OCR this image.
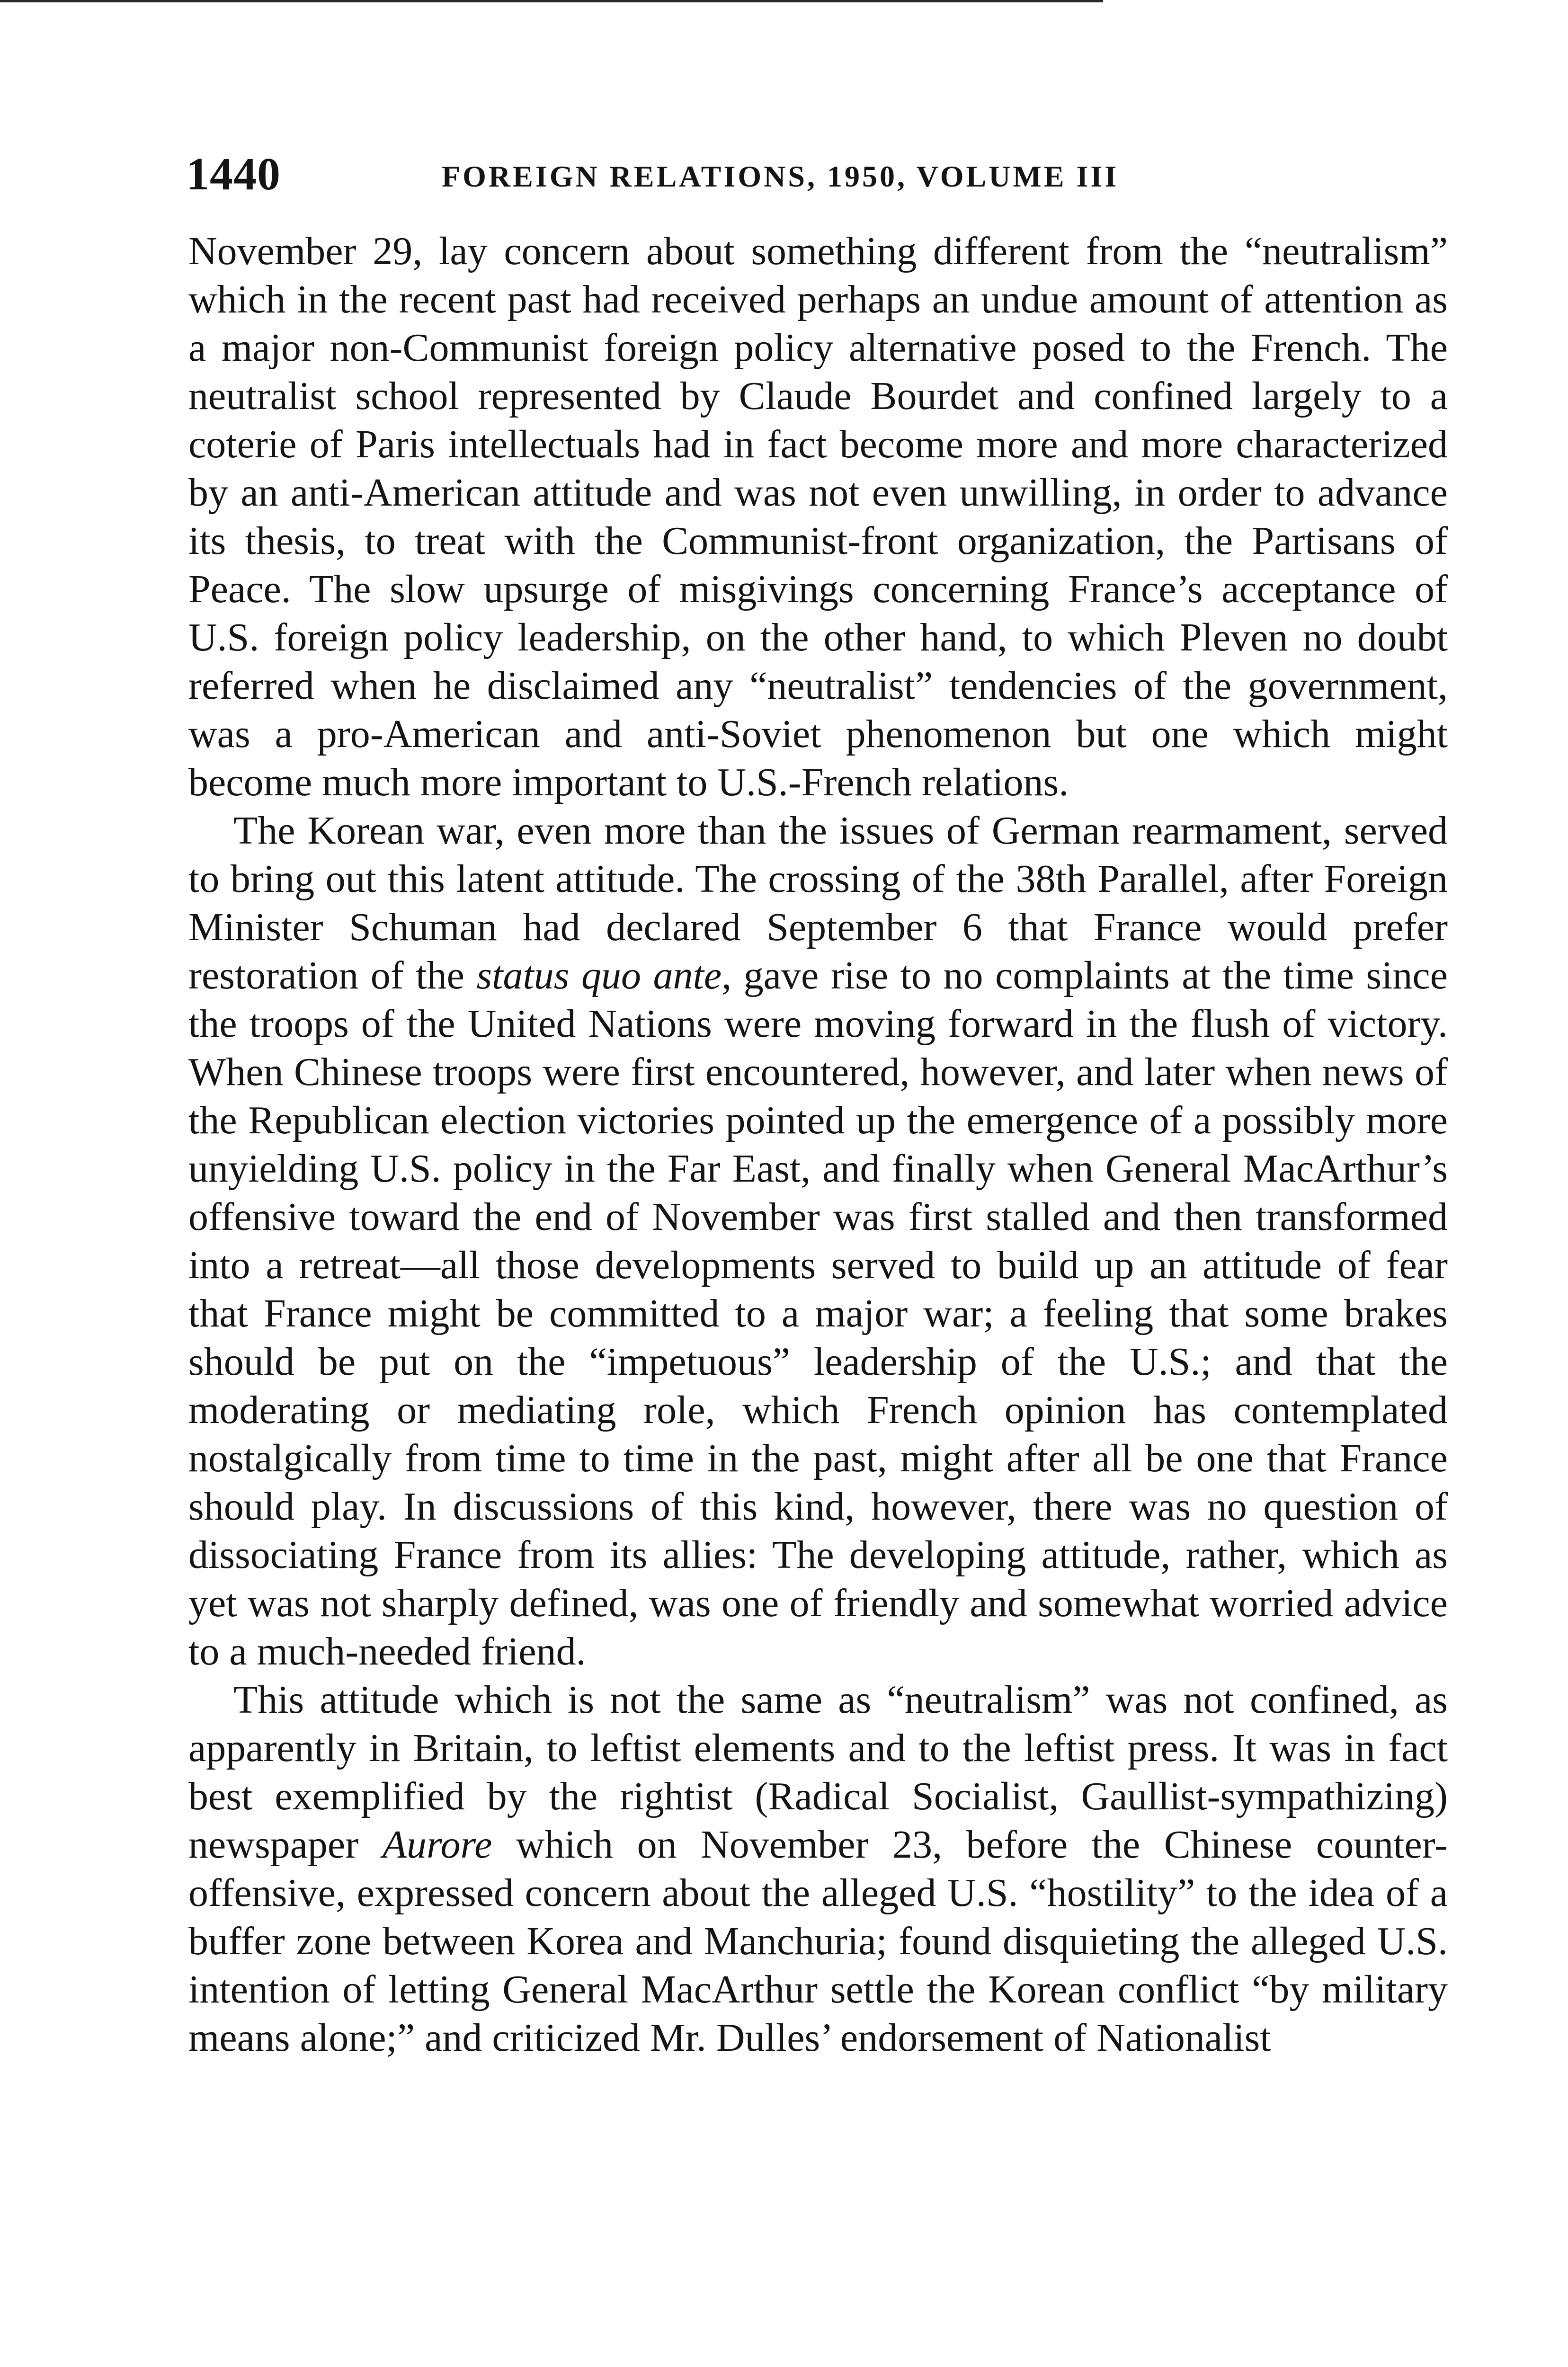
1440	FOREIGN RELATIONS, 1950, VOLUME III

November 29, lay concern about something different from the “neutralism” which in the recent past had received perhaps an undue amount of attention as a major non-Communist foreign policy alternative posed to the French. The neutralist school represented by Claude Bourdet and confined largely to a coterie of Paris intellectuals had in fact become more and more characterized by an anti-American attitude and was not even unwilling, in order to advance its thesis, to treat with the Communist-front organization, the Partisans of Peace. The slow upsurge of misgivings concerning France’s acceptance of U.S. foreign policy leadership, on the other hand, to which Pleven no doubt referred when he disclaimed any “neutralist” tendencies of the government, was a pro-American and anti-Soviet phenomenon but one which might become much more important to U.S.-French relations.

The Korean war, even more than the issues of German rearmament, served to bring out this latent attitude. The crossing of the 38th Parallel, after Foreign Minister Schuman had declared September 6 that France would prefer restoration of the status quo ante, gave rise to no complaints at the time since the troops of the United Nations were moving forward in the flush of victory. When Chinese troops were first encountered, however, and later when news of the Republican election victories pointed up the emergence of a possibly more unyielding U.S. policy in the Far East, and finally when General MacArthur’s offensive toward the end of November was first stalled and then transformed into a retreat—all those developments served to build up an attitude of fear that France might be committed to a major war; a feeling that some brakes should be put on the “impetuous” leadership of the U.S.; and that the moderating or mediating role, which French opinion has contemplated nostalgically from time to time in the past, might after all be one that France should play. In discussions of this kind, however, there was no question of dissociating France from its allies: The developing attitude, rather, which as yet was not sharply defined, was one of friendly and somewhat worried advice to a much-needed friend.

This attitude which is not the same as “neutralism” was not confined, as apparently in Britain, to leftist elements and to the leftist press. It was in fact best exemplified by the rightist (Radical Socialist, Gaullist-sympathizing) newspaper Aurore which on November 23, before the Chinese counter-offensive, expressed concern about the alleged U.S. “hostility” to the idea of a buffer zone between Korea and Manchuria; found disquieting the alleged U.S. intention of letting General MacArthur settle the Korean conflict “by military means alone;” and criticized Mr. Dulles’ endorsement of Nationalist
